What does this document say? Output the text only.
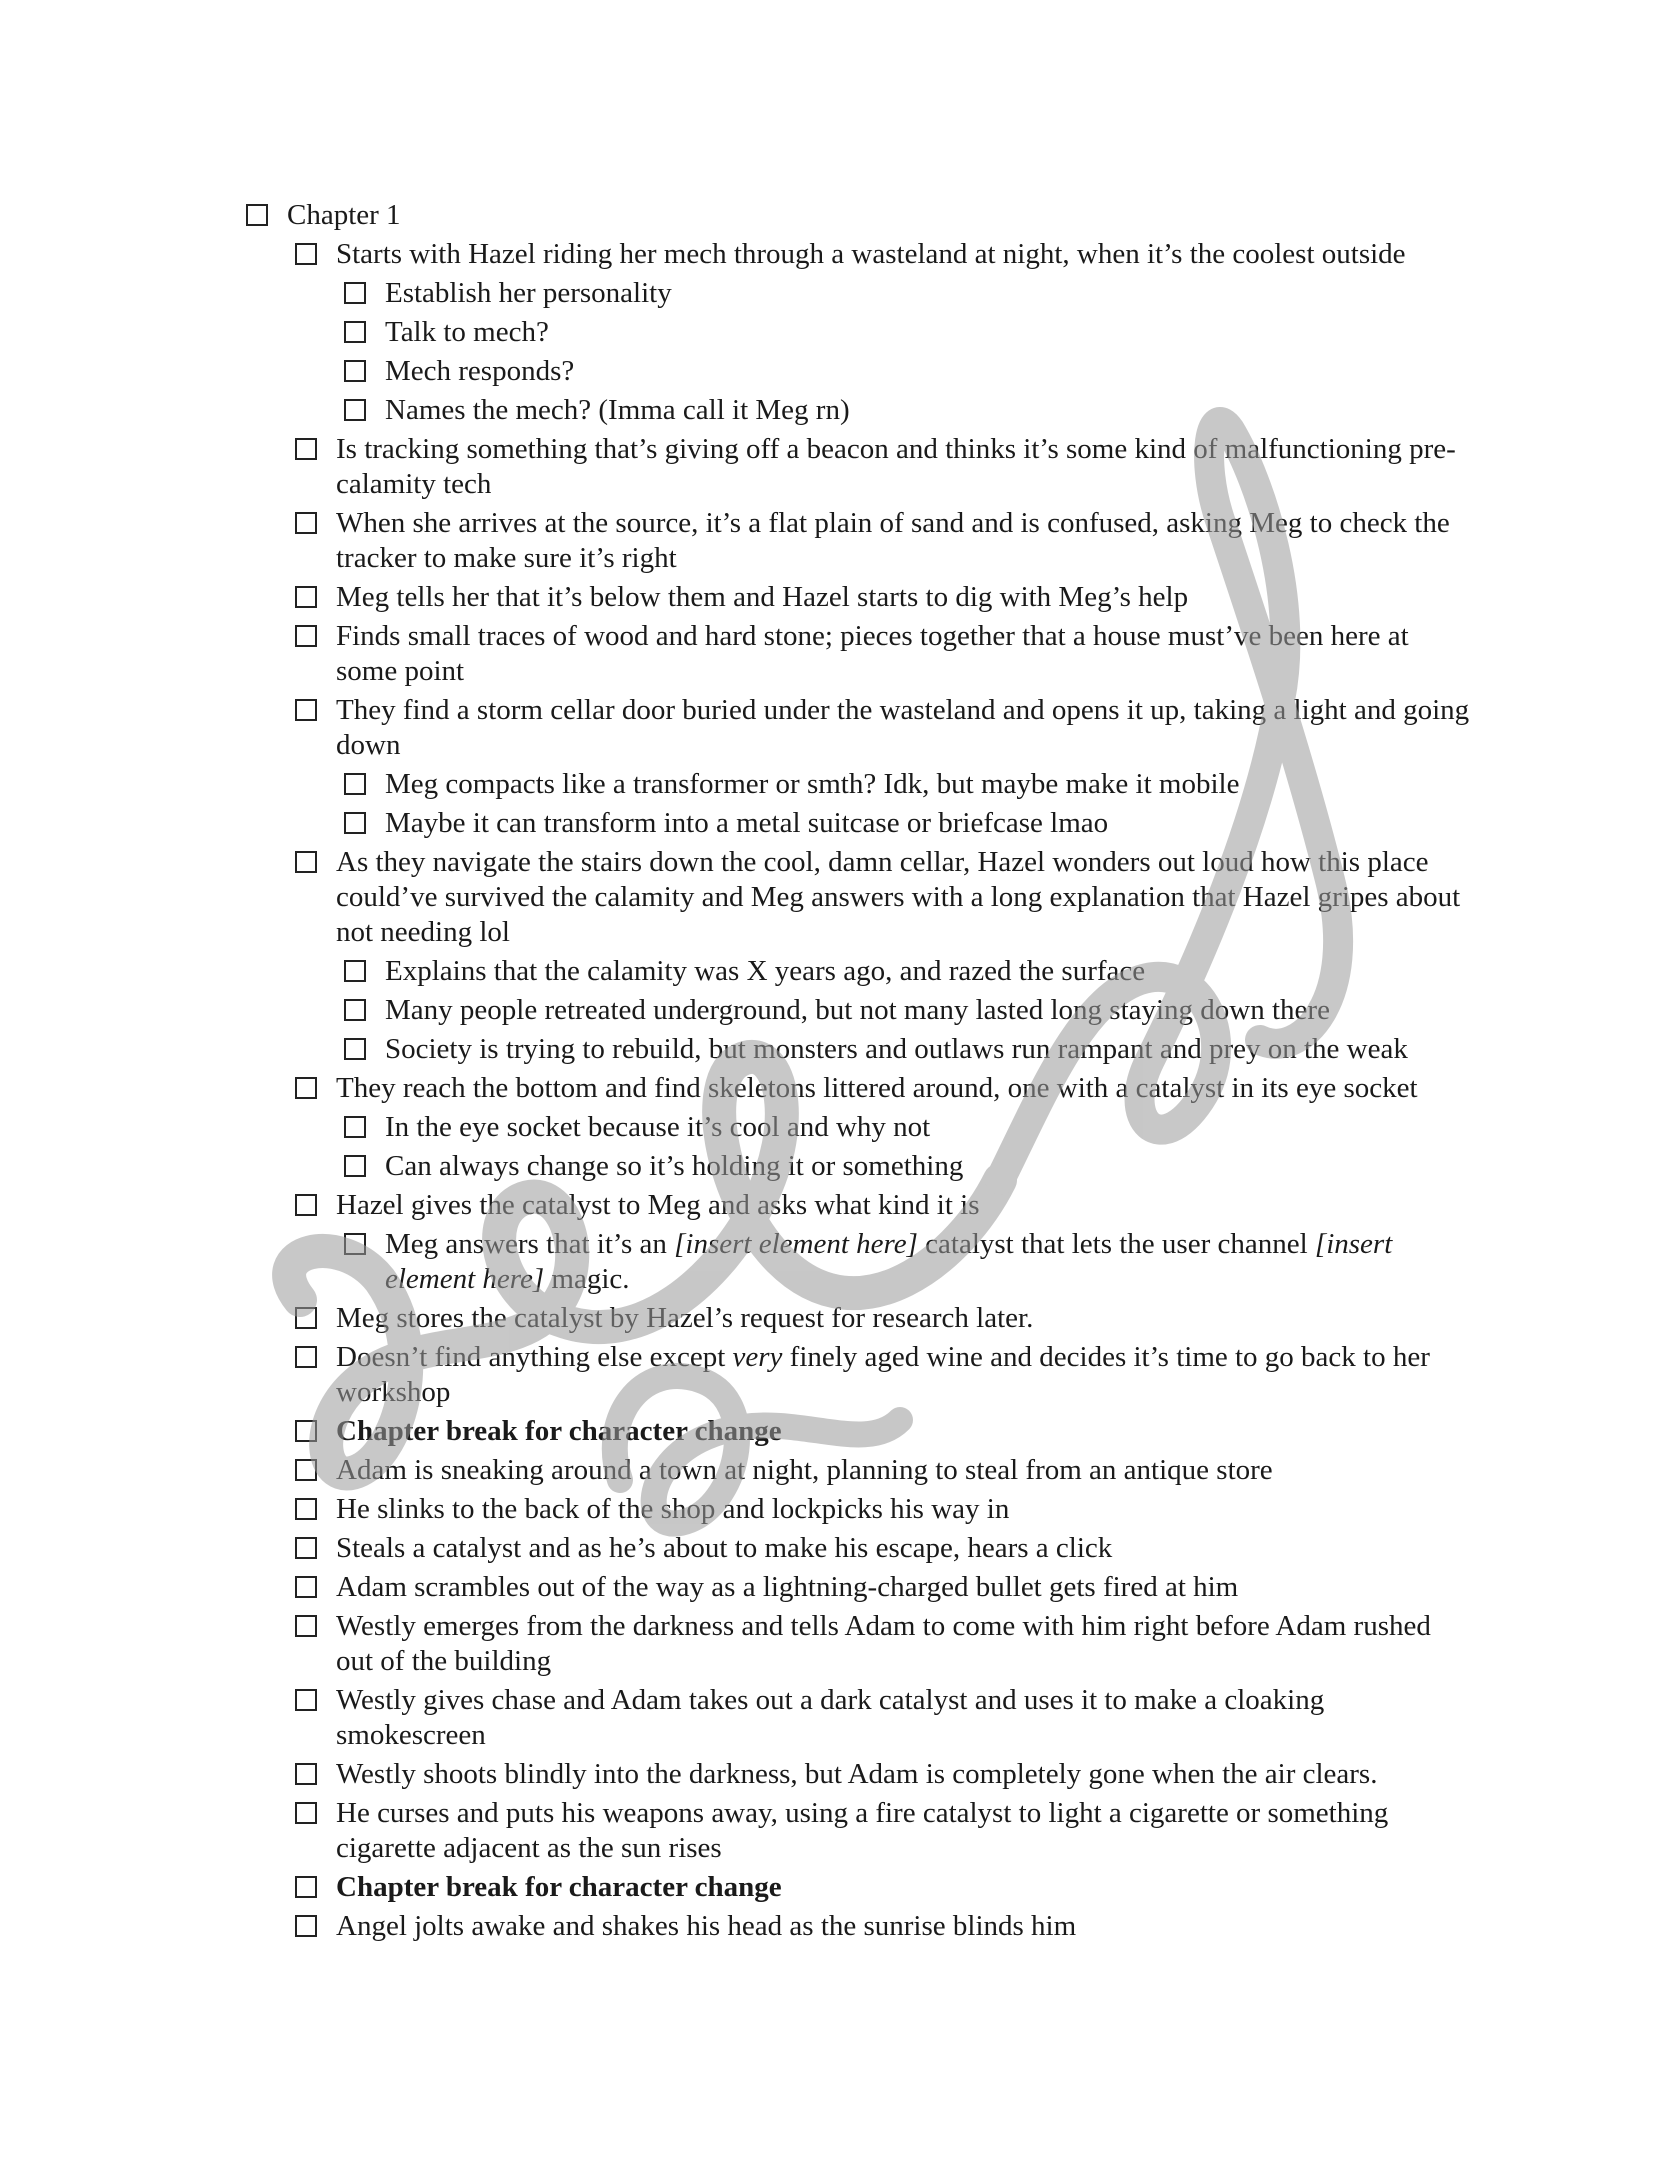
Chapter 1
Starts with Hazel riding her mech through a wasteland at night, when it’s the coolest outside
Establish her personality
Talk to mech?
Mech responds?
Names the mech? (Imma call it Meg rn)
Is tracking something that’s giving off a beacon and thinks it’s some kind of malfunctioning pre-calamity tech
When she arrives at the source, it’s a flat plain of sand and is confused, asking Meg to check the tracker to make sure it’s right
Meg tells her that it’s below them and Hazel starts to dig with Meg’s help
Finds small traces of wood and hard stone; pieces together that a house must’ve been here at some point
They find a storm cellar door buried under the wasteland and opens it up, taking a light and going down
Meg compacts like a transformer or smth? Idk, but maybe make it mobile
Maybe it can transform into a metal suitcase or briefcase lmao
As they navigate the stairs down the cool, damn cellar, Hazel wonders out loud how this place could’ve survived the calamity and Meg answers with a long explanation that Hazel gripes about not needing lol
Explains that the calamity was X years ago, and razed the surface
Many people retreated underground, but not many lasted long staying down there
Society is trying to rebuild, but monsters and outlaws run rampant and prey on the weak
They reach the bottom and find skeletons littered around, one with a catalyst in its eye socket
In the eye socket because it’s cool and why not
Can always change so it’s holding it or something
Hazel gives the catalyst to Meg and asks what kind it is
Meg answers that it’s an [insert element here] catalyst that lets the user channel [insert element here] magic.
Meg stores the catalyst by Hazel’s request for research later.
Doesn’t find anything else except very finely aged wine and decides it’s time to go back to her workshop
Chapter break for character change
Adam is sneaking around a town at night, planning to steal from an antique store
He slinks to the back of the shop and lockpicks his way in
Steals a catalyst and as he’s about to make his escape, hears a click
Adam scrambles out of the way as a lightning-charged bullet gets fired at him
Westly emerges from the darkness and tells Adam to come with him right before Adam rushed out of the building
Westly gives chase and Adam takes out a dark catalyst and uses it to make a cloaking smokescreen
Westly shoots blindly into the darkness, but Adam is completely gone when the air clears.
He curses and puts his weapons away, using a fire catalyst to light a cigarette or something cigarette adjacent as the sun rises
Chapter break for character change
Angel jolts awake and shakes his head as the sunrise blinds him
